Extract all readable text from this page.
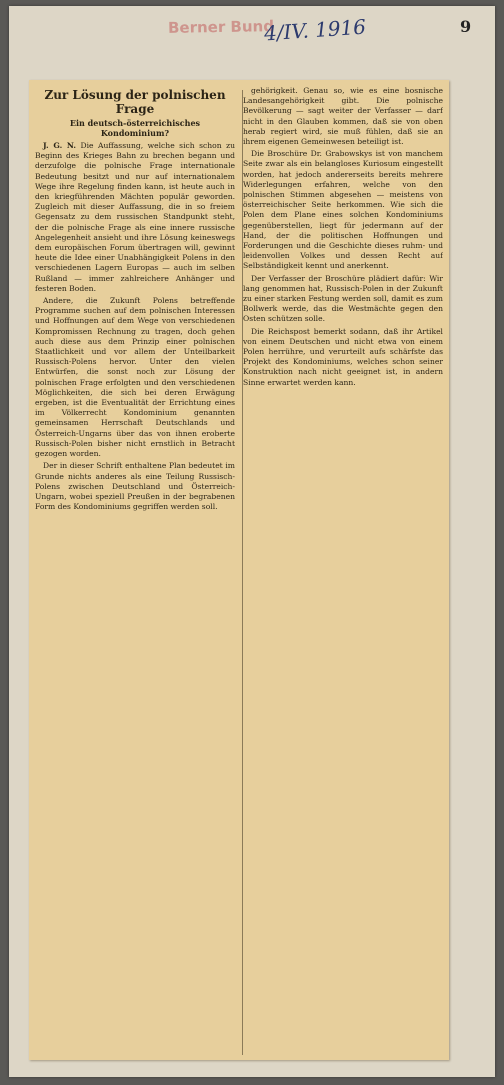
Berner Bund
4/IV. 1916	9
Zur Lösung der polnischen Frage
Ein deutsch-österreichisches Kondominium?

J. G. N. Die Auffassung, welche sich schon zu Beginn des Krieges Bahn zu brechen begann und derzufolge die polnische Frage internationale Bedeutung besitzt und nur auf internationalem Wege ihre Regelung finden kann, ist heute auch in den kriegführenden Mächten populär geworden. Zugleich mit dieser Auffassung, die in so freiem Gegensatz zu dem russischen Standpunkt steht, der die polnische Frage als eine innere russische Angelegenheit ansieht und ihre Lösung keineswegs dem europäischen Forum übertragen will, gewinnt heute die Idee einer Unabhängigkeit Polens in den verschiedenen Lagern Europas — auch im selben Rußland — immer zahlreichere Anhänger und festeren Boden.

Andere, die Zukunft Polens betreffende Programme suchen auf dem polnischen Interessen und Hoffnungen auf dem Wege von verschiedenen Kompromissen Rechnung zu tragen, doch gehen auch diese aus dem Prinzip einer polnischen Staatlichkeit und vor allem der Unteilbarkeit Russisch-Polens hervor. Unter den vielen Entwürfen, die sonst noch zur Lösung der polnischen Frage erfolgten und den verschiedenen Möglichkeiten, die sich bei deren Erwägung ergeben, ist die Eventualität der Errichtung eines im Völkerrecht Kondominium genannten gemeinsamen Herrschaft Deutschlands und Österreich-Ungarns über das von ihnen eroberte Russisch-Polen bisher nicht ernstlich in Betracht gezogen worden.

Der in dieser Schrift enthaltene Plan bedeutet im Grunde nichts anderes als eine Teilung Russisch-Polens zwischen Deutschland und Österreich-Ungarn, wobei speziell Preußen in der begrabenen Form des Kondominiums gegriffen werden soll.

gehörigkeit. Genau so, wie es eine bosnische Landesangehörigkeit gibt. Die polnische Bevölkerung — sagt weiter der Verfasser — darf nicht in den Glauben kommen, daß sie von oben herab regiert wird, sie muß fühlen, daß sie an ihrem eigenen Gemeinwesen beteiligt ist.

Die Broschüre Dr. Grabowskys ist von manchem Seite zwar als ein belangloses Kuriosum eingestellt worden, hat jedoch andererseits bereits mehrere Widerlegungen erfahren, welche von den polnischen Stimmen abgesehen — meistens von österreichischer Seite herkommen. Wie sich die Polen dem Plane eines solchen Kondominiums gegenüberstellen, liegt für jedermann auf der Hand, der die politischen Hoffnungen und Forderungen und die Geschichte dieses ruhm- und leidenvollen Volkes und dessen Recht auf Selbständigkeit kennt und anerkennt.

Der Verfasser der Broschüre plädiert dafür: Wir lang genommen hat, Russisch-Polen in der Zukunft zu einer starken Festung werden soll, damit es zum Bollwerk werde, das die Westmächte gegen den Osten schützen solle.

Die Reichspost bemerkt sodann, daß ihr Artikel von einem Deutschen und nicht etwa von einem Polen herrühre, und verurteilt aufs schärfste das Projekt des Kondominiums, welches schon seiner Konstruktion nach nicht geeignet ist, in andern Sinne erwartet werden kann.
